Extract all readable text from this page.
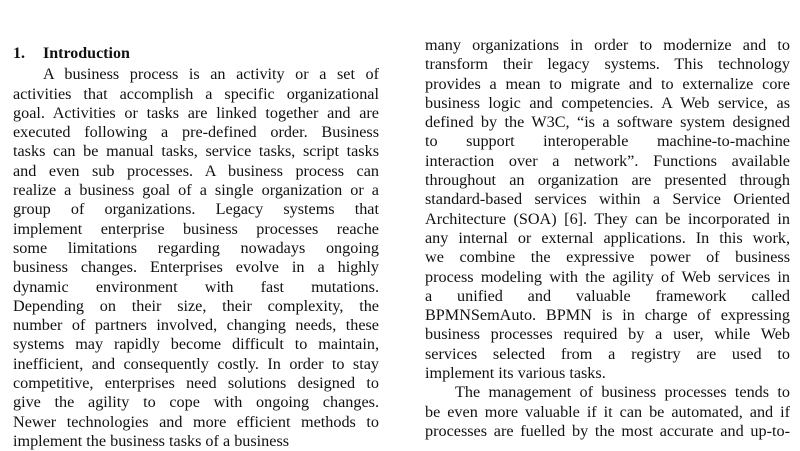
1.	Introduction
A business process is an activity or a set of
activities that accomplish a specific organizational
goal. Activities or tasks are linked together and are
executed following a pre-defined order. Business
tasks can be manual tasks, service tasks, script tasks
and even sub processes. A business process can
realize a business goal of a single organization or a
group of organizations. Legacy systems that
implement enterprise business processes reache
some limitations regarding nowadays ongoing
business changes. Enterprises evolve in a highly
dynamic environment with fast mutations.
Depending on their size, their complexity, the
number of partners involved, changing needs, these
systems may rapidly become difficult to maintain,
inefficient, and consequently costly. In order to stay
competitive, enterprises need solutions designed to
give the agility to cope with ongoing changes.
Newer technologies and more efficient methods to
implement the business tasks of a business
many organizations in order to modernize and to
transform their legacy systems. This technology
provides a mean to migrate and to externalize core
business logic and competencies. A Web service, as
defined by the W3C, “is a software system designed
to support interoperable machine-to-machine
interaction over a network”. Functions available
throughout an organization are presented through
standard-based services within a Service Oriented
Architecture (SOA) [6]. They can be incorporated in
any internal or external applications. In this work,
we combine the expressive power of business
process modeling with the agility of Web services in
a unified and valuable framework called
BPMNSemAuto. BPMN is in charge of expressing
business processes required by a user, while Web
services selected from a registry are used to
implement its various tasks.
The management of business processes tends to
be even more valuable if it can be automated, and if
processes are fuelled by the most accurate and up-to-
